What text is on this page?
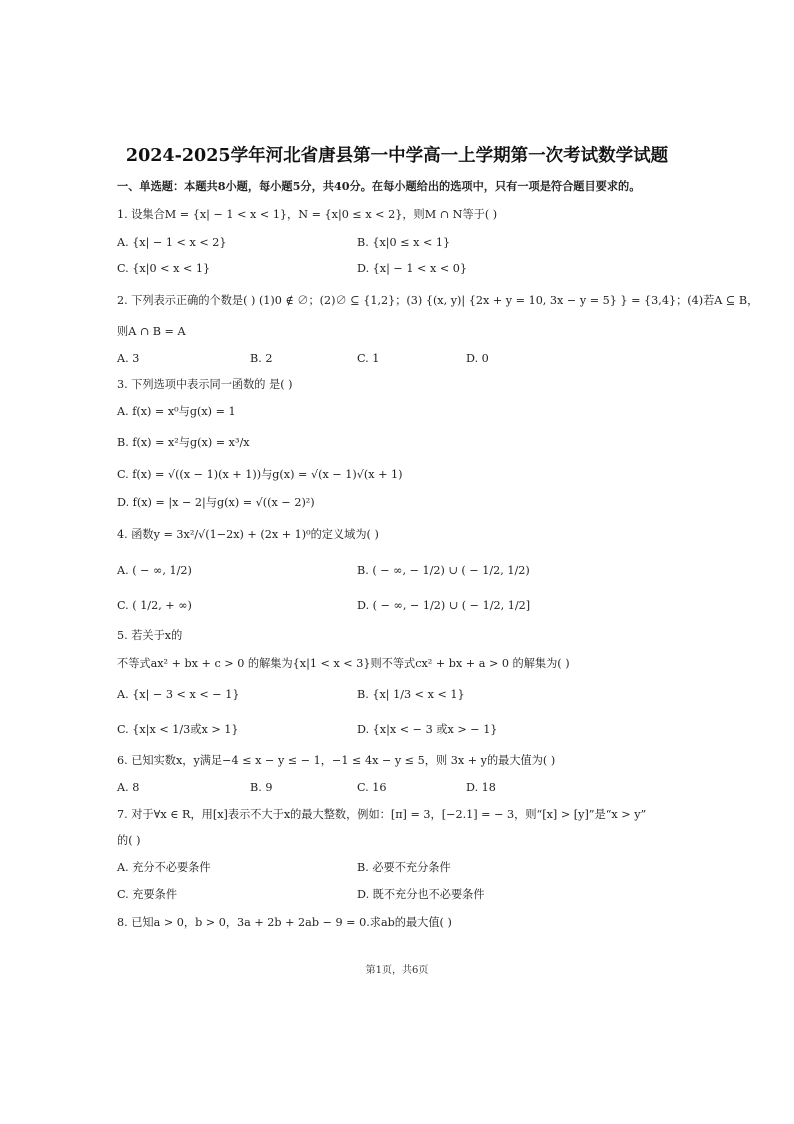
2024-2025学年河北省唐县第一中学高一上学期第一次考试数学试题
一、单选题：本题共8小题，每小题5分，共40分。在每小题给出的选项中，只有一项是符合题目要求的。
1. 设集合M = {x| − 1 < x < 1}，N = {x|0 ≤ x < 2}，则M ∩ N等于( )
A. {x| − 1 < x < 2}	B. {x|0 ≤ x < 1}
C. {x|0 < x < 1}	D. {x| − 1 < x < 0}
2. 下列表示正确的个数是( ) (1)0 ∉ ∅；(2)∅ ⊆ {1,2}；(3) {(x, y)| {2x + y = 10, 3x − y = 5} } = {3,4}；(4)若A ⊆ B，
则A ∩ B = A
A. 3	B. 2	C. 1	D. 0
3. 下列选项中表示同一函数的 是( )
A. f(x) = x⁰与g(x) = 1
B. f(x) = x²与g(x) = x³/x
C. f(x) = √((x − 1)(x + 1))与g(x) = √(x − 1)√(x + 1)
D. f(x) = |x − 2|与g(x) = √((x − 2)²)
4. 函数y = 3x²/√(1−2x) + (2x + 1)⁰的定义域为( )
A. ( − ∞, 1/2)	B. ( − ∞, − 1/2) ∪ ( − 1/2, 1/2)
C. ( 1/2, + ∞)	D. ( − ∞, − 1/2) ∪ ( − 1/2, 1/2]
5. 若关于x的
不等式ax² + bx + c > 0 的解集为{x|1 < x < 3}则不等式cx² + bx + a > 0 的解集为( )
A. {x| − 3 < x < − 1}	B. {x| 1/3 < x < 1}
C. {x|x < 1/3或x > 1}	D. {x|x < − 3 或x > − 1}
6. 已知实数x，y满足−4 ≤ x − y ≤ − 1，−1 ≤ 4x − y ≤ 5，则 3x + y的最大值为( )
A. 8	B. 9	C. 16	D. 18
7. 对于∀x ∈ R，用[x]表示不大于x的最大整数，例如：[π] = 3，[−2.1] = − 3，则“[x] > [y]”是“x > y”
的( )
A. 充分不必要条件	B. 必要不充分条件
C. 充要条件	D. 既不充分也不必要条件
8. 已知a > 0，b > 0，3a + 2b + 2ab − 9 = 0.求ab的最大值( )
第1页，共6页
